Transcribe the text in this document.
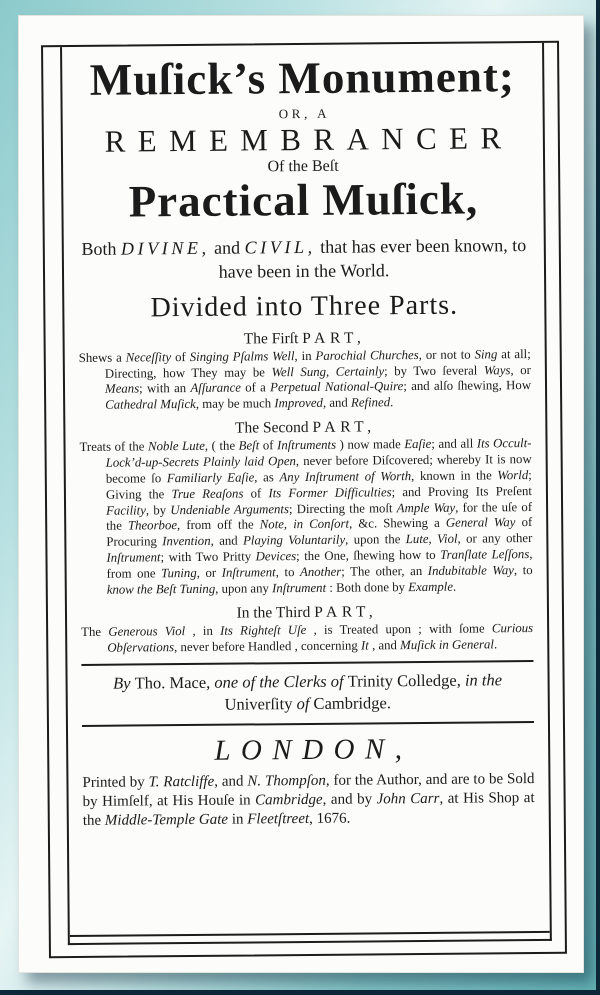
Muſick’s Monument;
OR, A
REMEMBRANCER
Of the Beſt
Practical Muſick,
Both DIVINE, and CIVIL, that has ever been known, to have been in the World.
Divided into Three Parts.
The Firſt PART,

Shews a Neceſſity of Singing Pſalms Well, in Parochial Churches, or not to Sing at all; Directing, how They may be Well Sung, Certainly; by Two ſeveral Ways, or Means; with an Aſſurance of a Perpetual National-Quire; and alſo ſhewing, How Cathedral Muſick, may be much Improved, and Refined.

The Second PART,

Treats of the Noble Lute, ( the Beſt of Inſtruments ) now made Eaſie; and all Its Occult-Lock’d-up-Secrets Plainly laid Open, never before Diſcovered; whereby It is now become ſo Familiarly Eaſie, as Any Inſtrument of Worth, known in the World; Giving the True Reaſons of Its Former Difficulties; and Proving Its Preſent Facility, by Undeniable Arguments; Directing the moſt Ample Way, for the uſe of the Theorboe, from off the Note, in Conſort, &c. Shewing a General Way of Procuring Invention, and Playing Voluntarily, upon the Lute, Viol, or any other Inſtrument; with Two Pritty Devices; the One, ſhewing how to Tranſlate Leſſons, from one Tuning, or Inſtrument, to Another; The other, an Indubitable Way, to know the Beſt Tuning, upon any Inſtrument : Both done by Example.

In the Third PART,

The Generous Viol , in Its Righteſt Uſe , is Treated upon ; with ſome Curious Obſervations, never before Handled , concerning It , and Muſick in General.

By Tho. Mace, one of the Clerks of Trinity Colledge, in the Univerſity of Cambridge.
LONDON,

Printed by T. Ratcliffe, and N. Thompſon, for the Author, and are to be Sold by Himſelf, at His Houſe in Cambridge, and by John Carr, at His Shop at the Middle-Temple Gate in Fleetſtreet, 1676.
